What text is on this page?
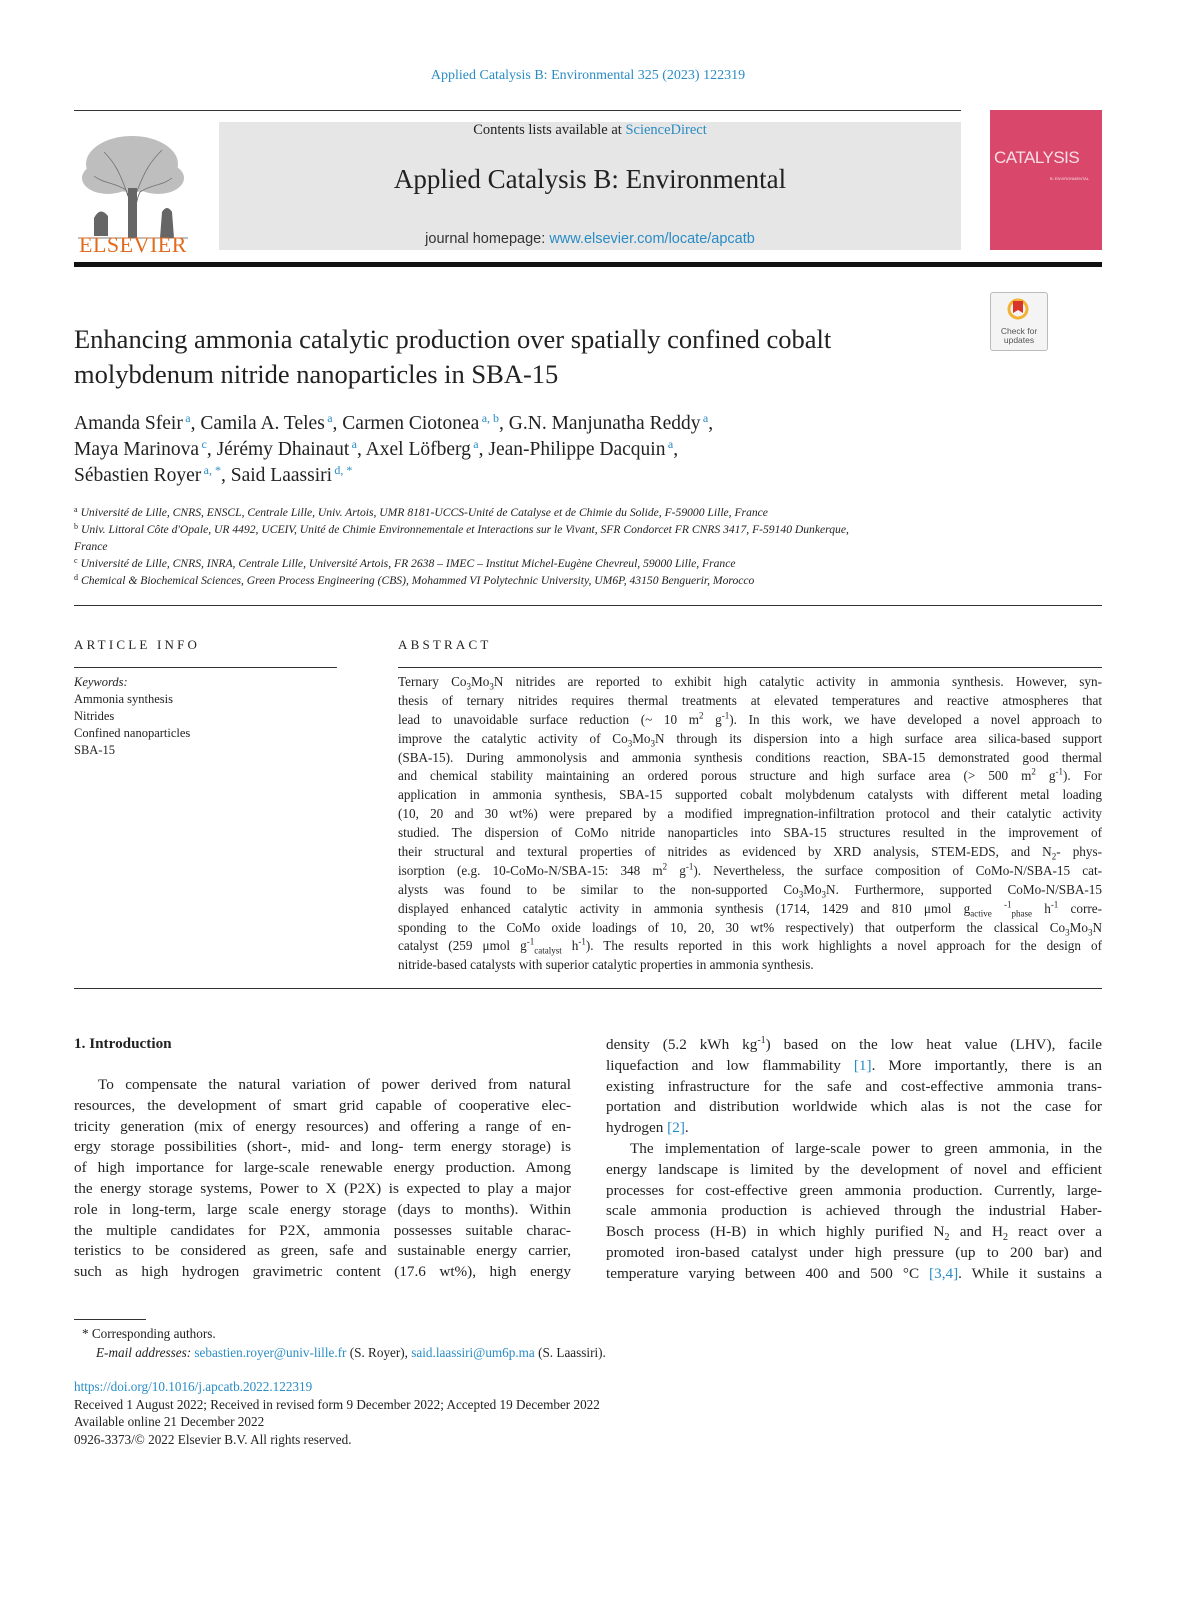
Applied Catalysis B: Environmental 325 (2023) 122319
ELSEVIER
Contents lists available at ScienceDirect
Applied Catalysis B: Environmental
journal homepage: www.elsevier.com/locate/apcatb
CATALYSIS
B: ENVIRONMENTAL
Check for updates
Enhancing ammonia catalytic production over spatially confined cobalt molybdenum nitride nanoparticles in SBA-15
Amanda Sfeir $^a$, Camila A. Teles $^a$, Carmen Ciotonea $^{a, b}$, G.N. Manjunatha Reddy $^a$,
Maya Marinova $^c$, Jérémy Dhainaut $^a$, Axel Löfberg $^a$, Jean-Philippe Dacquin $^a$,
Sébastien Royer $^{a, *}$, Said Laassiri $^{d, *}$
$^a$ Université de Lille, CNRS, ENSCL, Centrale Lille, Univ. Artois, UMR 8181-UCCS-Unité de Catalyse et de Chimie du Solide, F-59000 Lille, France
$^b$ Univ. Littoral Côte d'Opale, UR 4492, UCEIV, Unité de Chimie Environnementale et Interactions sur le Vivant, SFR Condorcet FR CNRS 3417, F-59140 Dunkerque,
France
$^c$ Université de Lille, CNRS, INRA, Centrale Lille, Université Artois, FR 2638 – IMEC – Institut Michel-Eugène Chevreul, 59000 Lille, France
$^d$ Chemical & Biochemical Sciences, Green Process Engineering (CBS), Mohammed VI Polytechnic University, UM6P, 43150 Benguerir, Morocco
ARTICLE INFO	ABSTRACT
Keywords:
Ammonia synthesis
Nitrides
Confined nanoparticles
SBA-15
Ternary $Co_3Mo_3N$ nitrides are reported to exhibit high catalytic activity in ammonia synthesis. However, syn-
thesis of ternary nitrides requires thermal treatments at elevated temperatures and reactive atmospheres that
lead to unavoidable surface reduction (~ 10 $m^2$ $g^{-1}$). In this work, we have developed a novel approach to
improve the catalytic activity of $Co_3Mo_3N$ through its dispersion into a high surface area silica-based support
(SBA-15). During ammonolysis and ammonia synthesis conditions reaction, SBA-15 demonstrated good thermal
and chemical stability maintaining an ordered porous structure and high surface area (> 500 $m^2$ $g^{-1}$). For
application in ammonia synthesis, SBA-15 supported cobalt molybdenum catalysts with different metal loading
(10, 20 and 30 wt%) were prepared by a modified impregnation-infiltration protocol and their catalytic activity
studied. The dispersion of CoMo nitride nanoparticles into SBA-15 structures resulted in the improvement of
their structural and textural properties of nitrides as evidenced by XRD analysis, STEM-EDS, and $N_2-$ phys-
isorption (e.g. 10-CoMo-N/SBA-15: 348 $m^2$ $g^{-1}$). Nevertheless, the surface composition of CoMo-N/SBA-15 cat-
alysts was found to be similar to the non-supported $Co_3Mo_3N$. Furthermore, supported CoMo-N/SBA-15
displayed enhanced catalytic activity in ammonia synthesis (1714, 1429 and 810 μmol $g_{active}$ $^{-1}_{phase}$ $h^{-1}$ corre-
sponding to the CoMo oxide loadings of 10, 20, 30 wt% respectively) that outperform the classical $Co_3Mo_3N$
catalyst (259 μmol $g^{-1}_{catalyst}$ $h^{-1}$). The results reported in this work highlights a novel approach for the design of
nitride-based catalysts with superior catalytic properties in ammonia synthesis.
1. Introduction
To compensate the natural variation of power derived from natural
resources, the development of smart grid capable of cooperative elec-
tricity generation (mix of energy resources) and offering a range of en-
ergy storage possibilities (short-, mid- and long- term energy storage) is
of high importance for large-scale renewable energy production. Among
the energy storage systems, Power to X (P2X) is expected to play a major
role in long-term, large scale energy storage (days to months). Within
the multiple candidates for P2X, ammonia possesses suitable charac-
teristics to be considered as green, safe and sustainable energy carrier,
such as high hydrogen gravimetric content (17.6 wt%), high energy
density (5.2 kWh $kg^{-1}$) based on the low heat value (LHV), facile
liquefaction and low flammability [1]. More importantly, there is an
existing infrastructure for the safe and cost-effective ammonia trans-
portation and distribution worldwide which alas is not the case for
hydrogen [2].
The implementation of large-scale power to green ammonia, in the
energy landscape is limited by the development of novel and efficient
processes for cost-effective green ammonia production. Currently, large-
scale ammonia production is achieved through the industrial Haber-
Bosch process (H-B) in which highly purified $N_2$ and $H_2$ react over a
promoted iron-based catalyst under high pressure (up to 200 bar) and
temperature varying between 400 and 500 °C [3,4]. While it sustains a
* Corresponding authors.
E-mail addresses: sebastien.royer@univ-lille.fr (S. Royer), said.laassiri@um6p.ma (S. Laassiri).
https://doi.org/10.1016/j.apcatb.2022.122319
Received 1 August 2022; Received in revised form 9 December 2022; Accepted 19 December 2022
Available online 21 December 2022
0926-3373/© 2022 Elsevier B.V. All rights reserved.
